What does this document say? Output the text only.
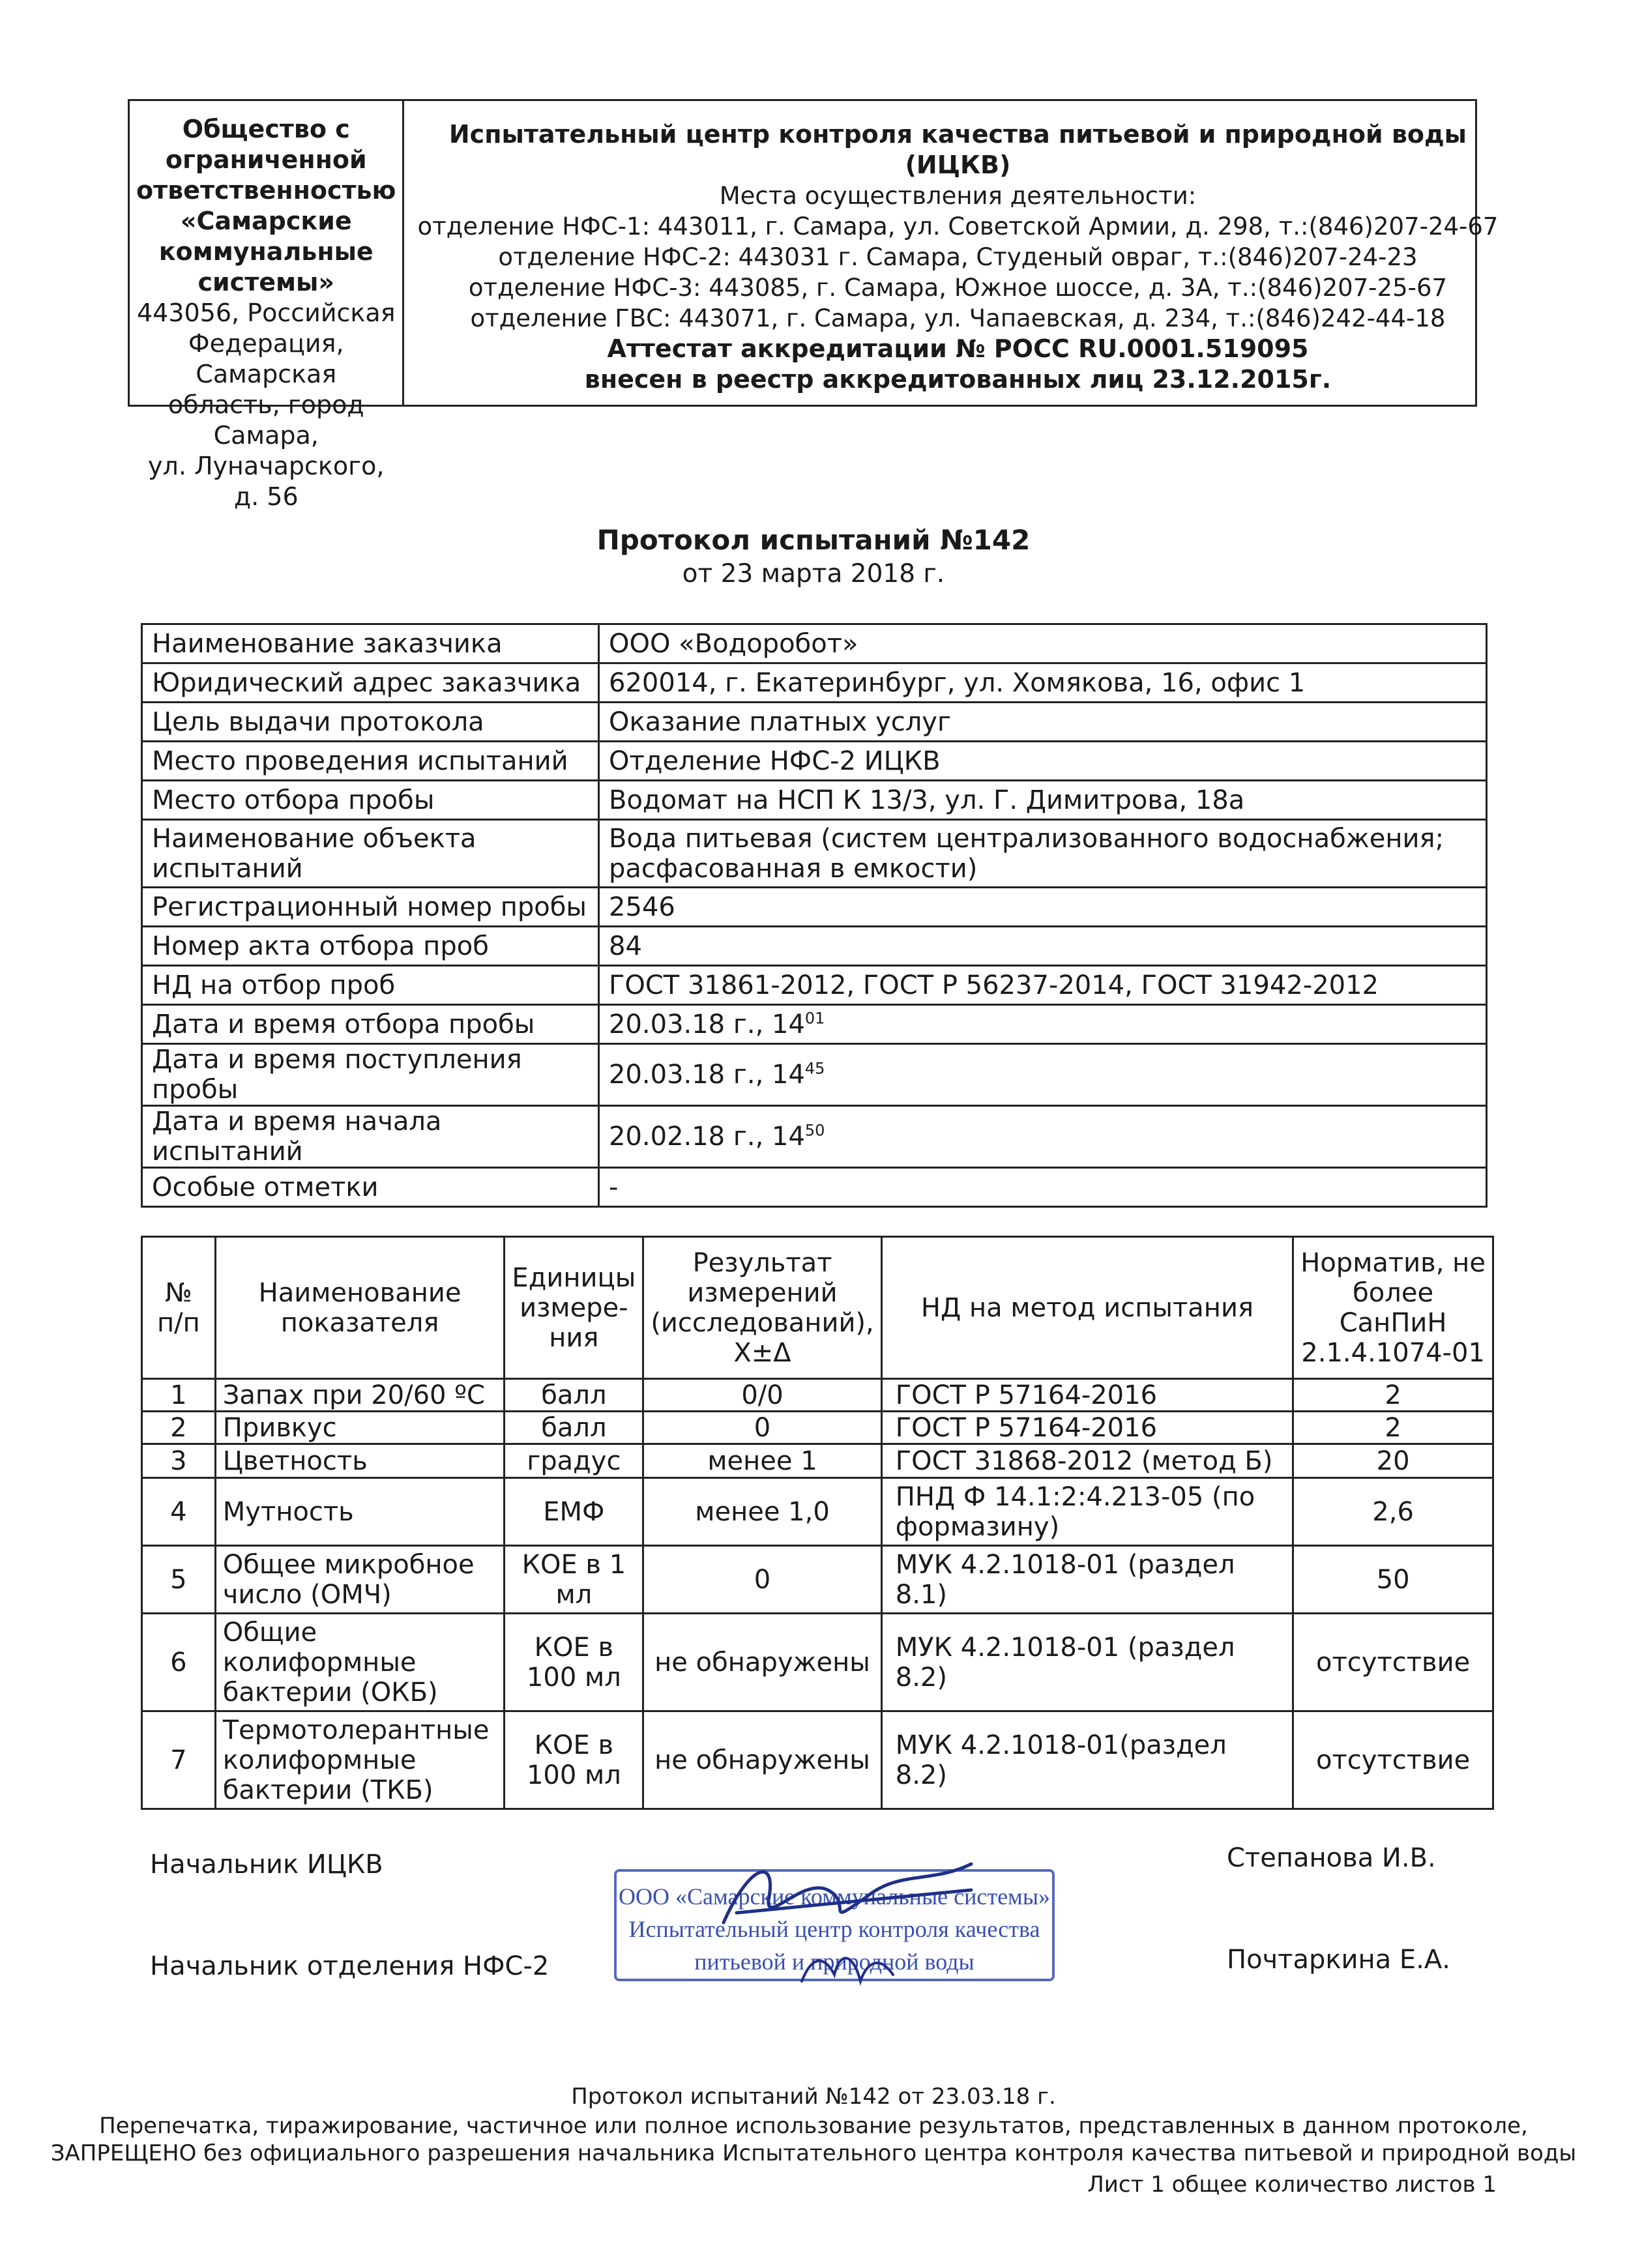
Общество с
ограниченной
ответственностью
«Самарские
коммунальные
системы»
443056, Российская
Федерация, Самарская
область, город Самара,
ул. Луначарского, д. 56
Испытательный центр контроля качества питьевой и природной воды
(ИЦКВ)
Места осуществления деятельности:
отделение НФС-1: 443011, г. Самара, ул. Советской Армии, д. 298, т.:(846)207-24-67
отделение НФС-2: 443031 г. Самара, Студеный овраг, т.:(846)207-24-23
отделение НФС-3: 443085, г. Самара, Южное шоссе, д. 3А, т.:(846)207-25-67
отделение ГВС: 443071, г. Самара, ул. Чапаевская, д. 234, т.:(846)242-44-18
Аттестат аккредитации № РОСС RU.0001.519095
внесен в реестр аккредитованных лиц 23.12.2015г.
Протокол испытаний №142
от 23 марта 2018 г.
Наименование заказчика	ООО «Водоробот»
Юридический адрес заказчика	620014, г. Екатеринбург, ул. Хомякова, 16, офис 1
Цель выдачи протокола	Оказание платных услуг
Место проведения испытаний	Отделение НФС-2 ИЦКВ
Место отбора пробы	Водомат на НСП К 13/3, ул. Г. Димитрова, 18а
Наименование объекта испытаний	Вода питьевая (систем централизованного водоснабжения; расфасованная в емкости)
Регистрационный номер пробы	2546
Номер акта отбора проб	84
НД на отбор проб	ГОСТ 31861-2012, ГОСТ Р 56237-2014, ГОСТ 31942-2012
Дата и время отбора пробы	20.03.18 г., $14^{01}$
Дата и время поступления пробы	20.03.18 г., $14^{45}$
Дата и время начала испытаний	20.02.18 г., $14^{50}$
Особые отметки	-
№ п/п	Наименование показателя	Единицы измере-ния	Результат измерений (исследований), Х±Δ	НД на метод испытания	Норматив, не более СанПиН 2.1.4.1074-01
1	Запах при 20/60 ºС	балл	0/0	ГОСТ Р 57164-2016	2
2	Привкус	балл	0	ГОСТ Р 57164-2016	2
3	Цветность	градус	менее 1	ГОСТ 31868-2012 (метод Б)	20
4	Мутность	ЕМФ	менее 1,0	ПНД Ф 14.1:2:4.213-05 (по формазину)	2,6
5	Общее микробное число (ОМЧ)	КОЕ в 1 мл	0	МУК 4.2.1018-01 (раздел 8.1)	50
6	Общие колиформные бактерии (ОКБ)	КОЕ в 100 мл	не обнаружены	МУК 4.2.1018-01 (раздел 8.2)	отсутствие
7	Термотолерантные колиформные бактерии (ТКБ)	КОЕ в 100 мл	не обнаружены	МУК 4.2.1018-01(раздел 8.2)	отсутствие
Начальник ИЦКВ	Степанова И.В.
Начальник отделения НФС-2	Почтаркина Е.А.
ООО «Самарские коммунальные системы»
Испытательный центр контроля качества
питьевой и природной воды
Протокол испытаний №142 от 23.03.18 г.
Перепечатка, тиражирование, частичное или полное использование результатов, представленных в данном протоколе,
ЗАПРЕЩЕНО без официального разрешения начальника Испытательного центра контроля качества питьевой и природной воды
Лист 1 общее количество листов 1
